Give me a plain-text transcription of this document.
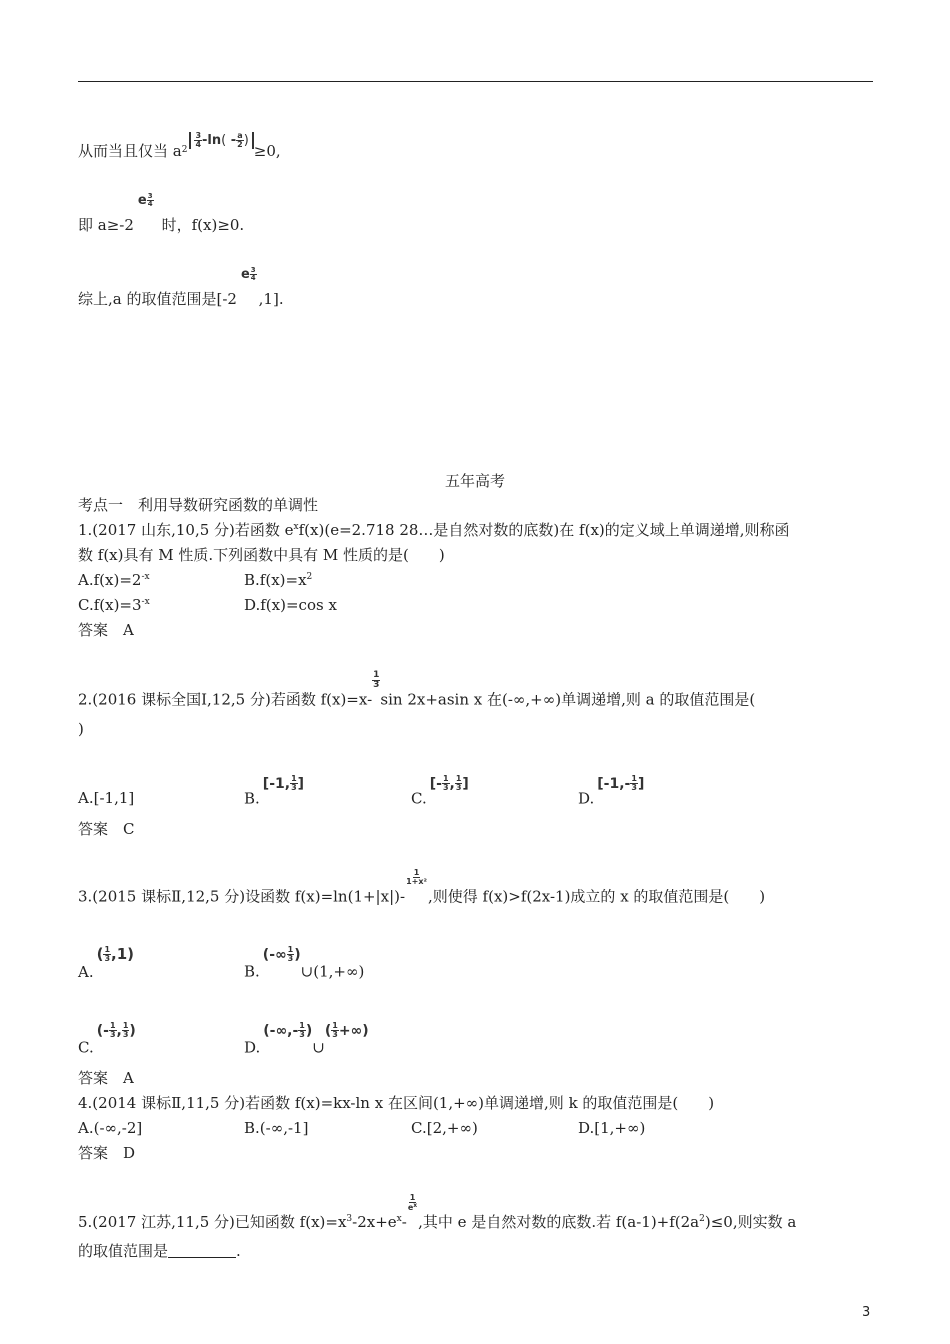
从而当且仅当 $a^2$
$\frac{3}{4} -\ln( - \frac{a}{2} )\ge 0$,
即 $a\ge-2e \frac{3}{4}$
时，f(x)≥0.
综上,a 的取值范围是[$-2e \frac{3}{4}$
,1].
五年高考
考点一　利用导数研究函数的单调性
1.(2017 山东,10,5 分)若函数 $e^xf(x)(e=2.718$ 28…是自然对数的底数)在 f(x)的定义域上单调递增,则称函
数 f(x)具有 M 性质.下列函数中具有 M 性质的是(　　)
$A.f(x)=2^{-x}$	$B.f(x)=x^2$
$C.f(x)=3^{-x}$	D.f(x)=cos x
答案　A
2.(2016 课标全国Ⅰ,12,5 分)若函数 f(x)=x-
$\frac{1}{3}$
sin 2x+asin x 在(-∞,+∞)单调递增,则 a 的取值范围是(
)
A.[-1,1]	B.[-1, $\frac{1}{3}$ ]
$C.[- \frac{1}{3}$ , $\frac{1}{3}$ ]
$D.[-1,- \frac{1}{3}$ ]
答案　C
3.(2015 课标Ⅱ,12,5 分)设函数 f(x)=ln(1+|x|)-
$\frac{1}{\text{1+x²}}$
,则使得 f(x)>f(2x-1)成立的 x 的取值范围是(　　)
$A.( \frac{1}{3} ,1)$
$B.(-\infty \frac{1}{3}$ )∪(1,+∞)
$C.(- \frac{1}{3}$ , $\frac{1}{3}$ )
$D.(-\infty,- \frac{1}{3}$ )∪( $\frac{1}{3}$ +∞)
答案　A
4.(2014 课标Ⅱ,11,5 分)若函数 f(x)=kx-ln x 在区间(1,+∞)单调递增,则 k 的取值范围是(　　)
A.(-∞,-2]	B.(-∞,-1]	C.[2,+∞)	D.[1,+∞)
答案　D
5.(2017 江苏,11,5 分)已知函数 $f(x)=x^3-2x+e^x-$
$\frac{1}{e^x}$
,其中 e 是自然对数的底数.若 $f(a-1)+f(2a^2)\le 0$,则实数 a
的取值范围是	.
3
